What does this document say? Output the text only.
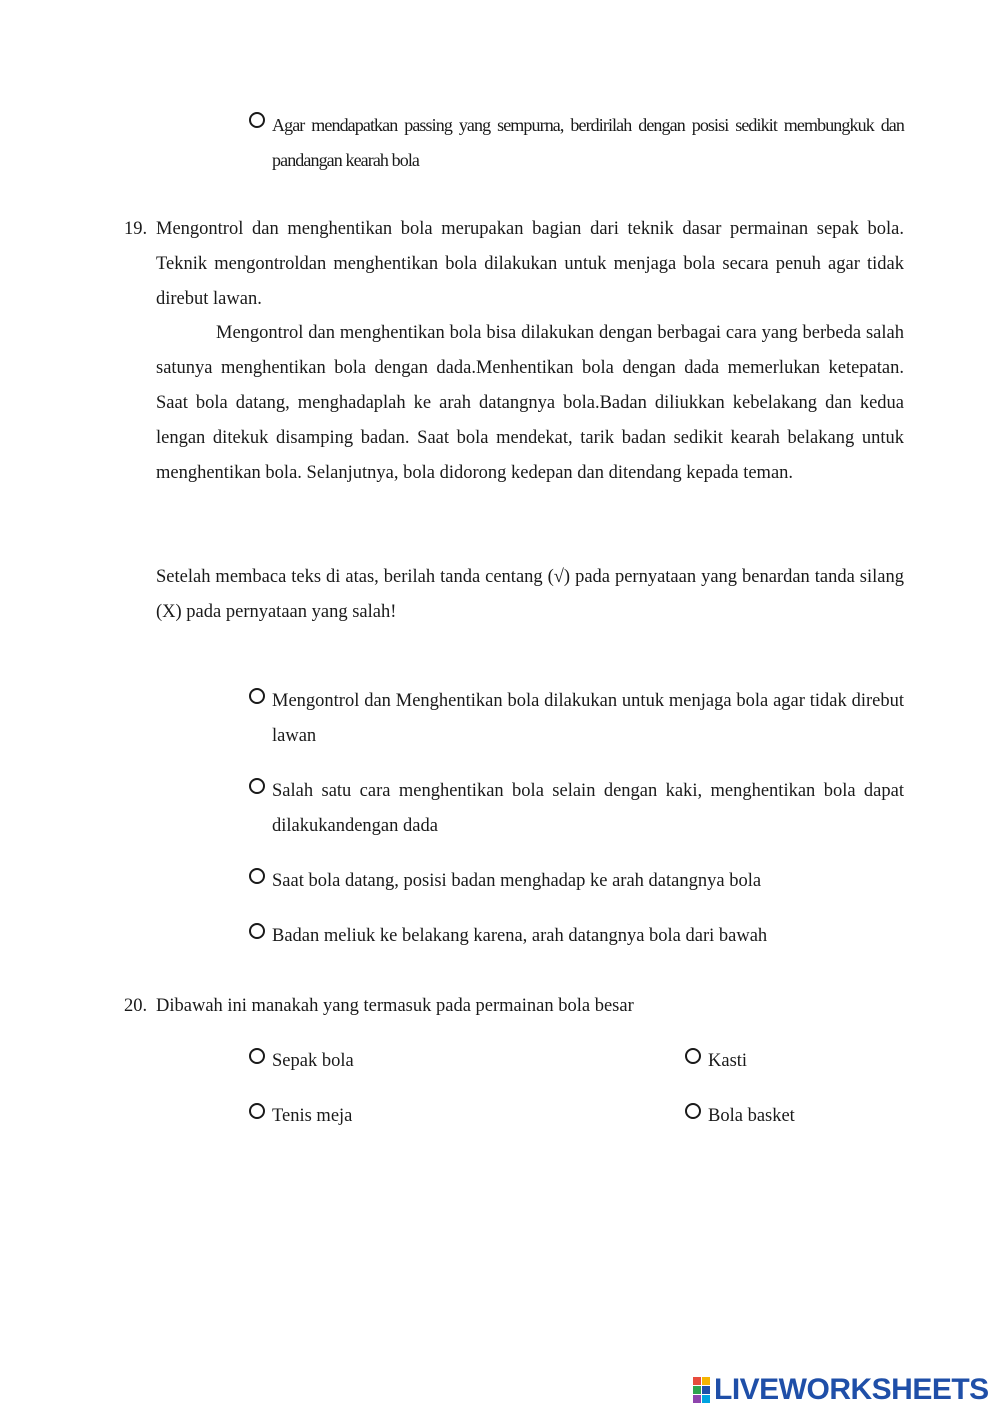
Agar mendapatkan passing yang sempurna, berdirilah dengan posisi sedikit membungkuk dan pandangan kearah bola
19. Mengontrol dan menghentikan bola merupakan bagian dari teknik dasar permainan sepak bola. Teknik mengontroldan menghentikan bola dilakukan untuk menjaga bola secara penuh agar tidak direbut lawan.

Mengontrol dan menghentikan bola bisa dilakukan dengan berbagai cara yang berbeda salah satunya menghentikan bola dengan dada.Menhentikan bola dengan dada memerlukan ketepatan. Saat bola datang, menghadaplah ke arah datangnya bola.Badan diliukkan kebelakang dan kedua lengan ditekuk disamping badan. Saat bola mendekat, tarik badan sedikit kearah belakang untuk menghentikan bola. Selanjutnya, bola didorong kedepan dan ditendang kepada teman.

Setelah membaca teks di atas, berilah tanda centang (√) pada pernyataan yang benardan tanda silang (X) pada pernyataan yang salah!

Mengontrol dan Menghentikan bola dilakukan untuk menjaga bola agar tidak direbut lawan
Salah satu cara menghentikan bola selain dengan kaki, menghentikan bola dapat dilakukandengan dada
Saat bola datang, posisi badan menghadap ke arah datangnya bola
Badan meliuk ke belakang karena, arah datangnya bola dari bawah
20. Dibawah ini manakah yang termasuk pada permainan bola besar

Sepak bola	Kasti
Tenis meja	Bola basket
LIVEWORKSHEETS
